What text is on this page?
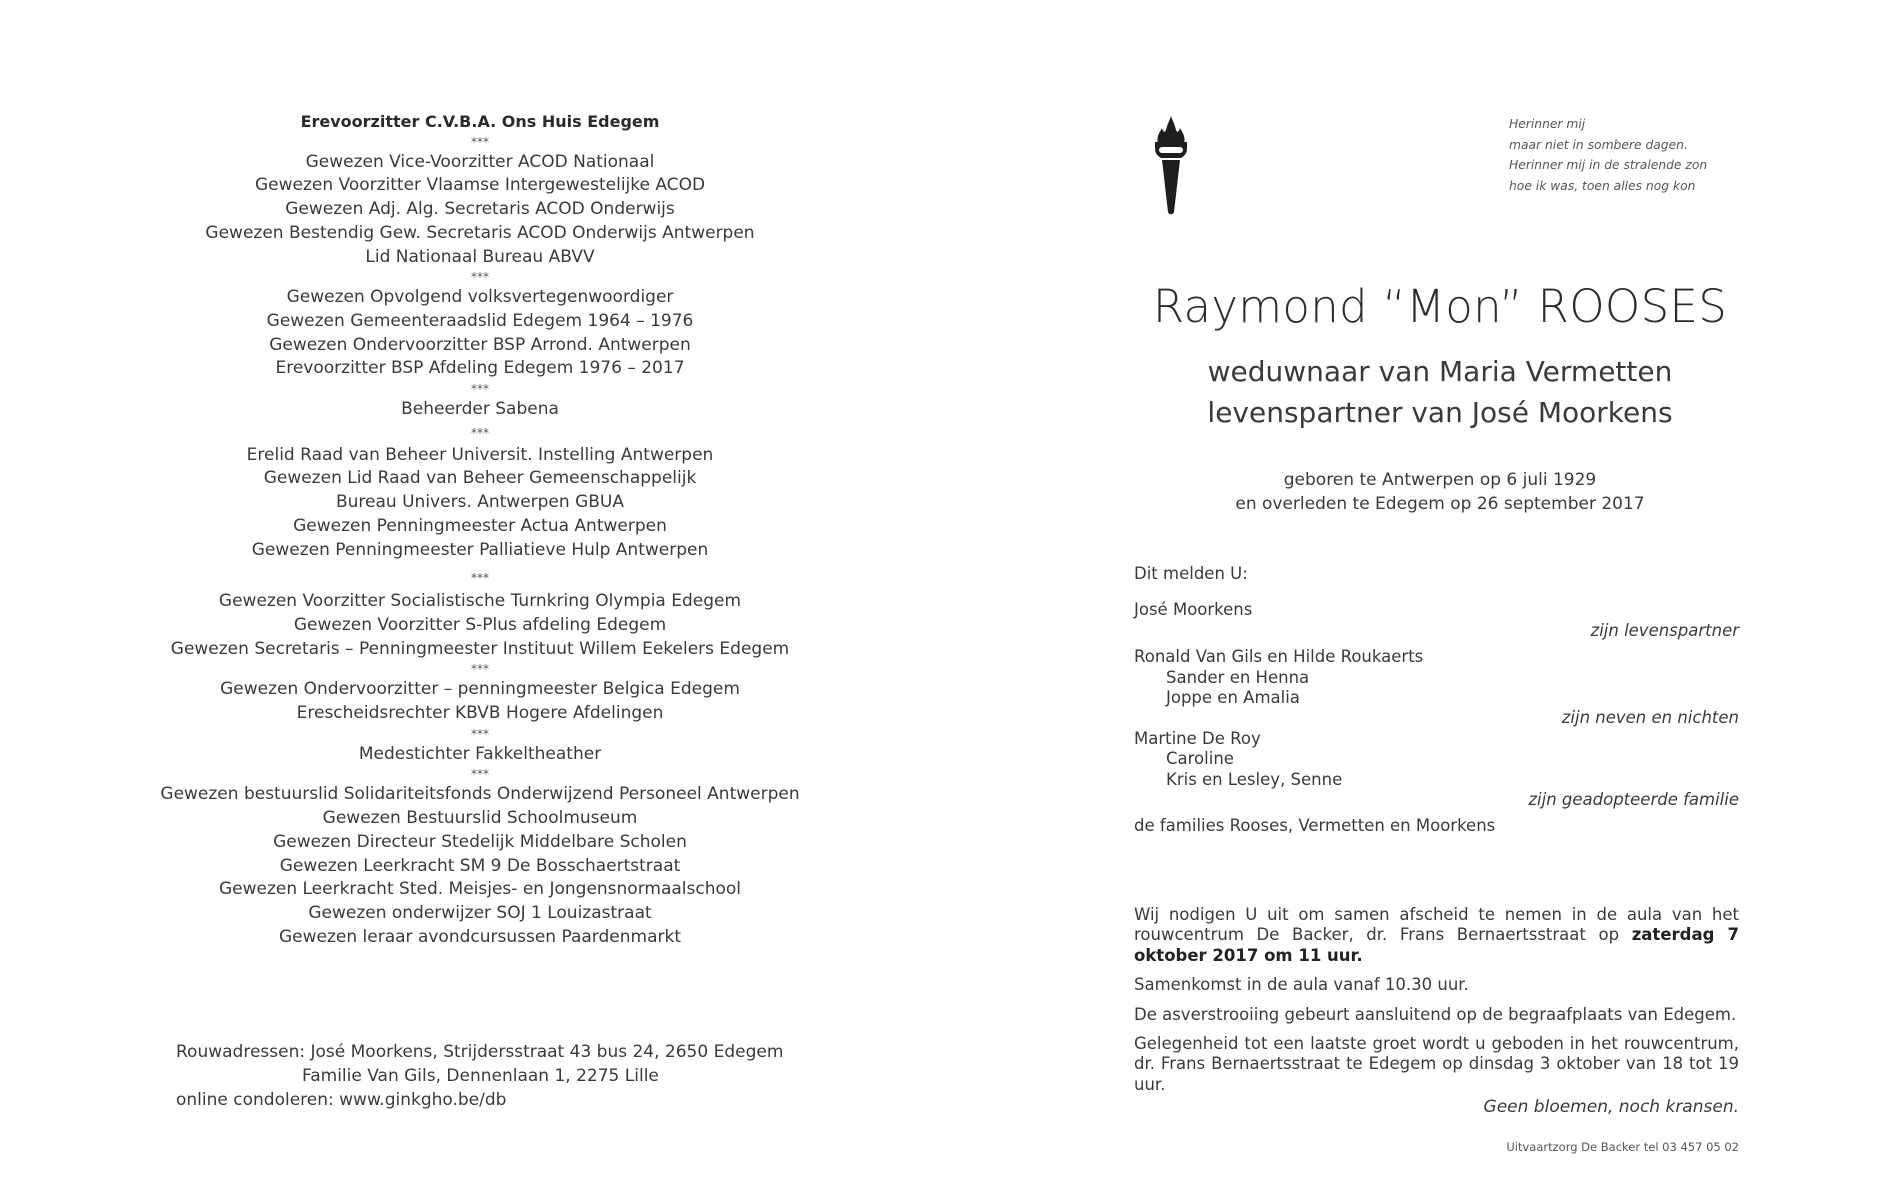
Erevoorzitter C.V.B.A. Ons Huis Edegem
***
Gewezen Vice-Voorzitter ACOD Nationaal
Gewezen Voorzitter Vlaamse Intergewestelijke ACOD
Gewezen Adj. Alg. Secretaris ACOD Onderwijs
Gewezen Bestendig Gew. Secretaris ACOD Onderwijs Antwerpen
Lid Nationaal Bureau ABVV
***
Gewezen Opvolgend volksvertegenwoordiger
Gewezen Gemeenteraadslid Edegem 1964 – 1976
Gewezen Ondervoorzitter BSP Arrond. Antwerpen
Erevoorzitter BSP Afdeling Edegem 1976 – 2017
***
Beheerder Sabena
***
Erelid Raad van Beheer Universit. Instelling Antwerpen
Gewezen Lid Raad van Beheer Gemeenschappelijk
Bureau Univers. Antwerpen GBUA
Gewezen Penningmeester Actua Antwerpen
Gewezen Penningmeester Palliatieve Hulp Antwerpen
***
Gewezen Voorzitter Socialistische Turnkring Olympia Edegem
Gewezen Voorzitter S-Plus afdeling Edegem
Gewezen Secretaris – Penningmeester Instituut Willem Eekelers Edegem
***
Gewezen Ondervoorzitter – penningmeester Belgica Edegem
Erescheidsrechter KBVB Hogere Afdelingen
***
Medestichter Fakkeltheather
***
Gewezen bestuurslid Solidariteitsfonds Onderwijzend Personeel Antwerpen
Gewezen Bestuurslid Schoolmuseum
Gewezen Directeur Stedelijk Middelbare Scholen
Gewezen Leerkracht SM 9 De Bosschaertstraat
Gewezen Leerkracht Sted. Meisjes- en Jongensnormaalschool
Gewezen onderwijzer SOJ 1 Louizastraat
Gewezen leraar avondcursussen Paardenmarkt
Rouwadressen: José Moorkens, Strijdersstraat 43 bus 24, 2650 Edegem
Familie Van Gils, Dennenlaan 1, 2275 Lille
online condoleren: www.ginkgho.be/db
Herinner mij
maar niet in sombere dagen.
Herinner mij in de stralende zon
hoe ik was, toen alles nog kon
Raymond “Mon” ROOSES
weduwnaar van Maria Vermetten
levenspartner van José Moorkens
geboren te Antwerpen op 6 juli 1929
en overleden te Edegem op 26 september 2017
Dit melden U:
José Moorkens
zijn levenspartner
Ronald Van Gils en Hilde Roukaerts
Sander en Henna
Joppe en Amalia
zijn neven en nichten
Martine De Roy
Caroline
Kris en Lesley, Senne
zijn geadopteerde familie
de families Rooses, Vermetten en Moorkens

Wij nodigen U uit om samen afscheid te nemen in de aula van het rouwcentrum De Backer, dr. Frans Bernaertsstraat op zaterdag 7 oktober 2017 om 11 uur.

Samenkomst in de aula vanaf 10.30 uur.

De asverstrooiing gebeurt aansluitend op de begraafplaats van Edegem.

Gelegenheid tot een laatste groet wordt u geboden in het rouwcentrum, dr. Frans Bernaertsstraat te Edegem op dinsdag 3 oktober van 18 tot 19 uur.

Geen bloemen, noch kransen.
Uitvaartzorg De Backer tel 03 457 05 02
